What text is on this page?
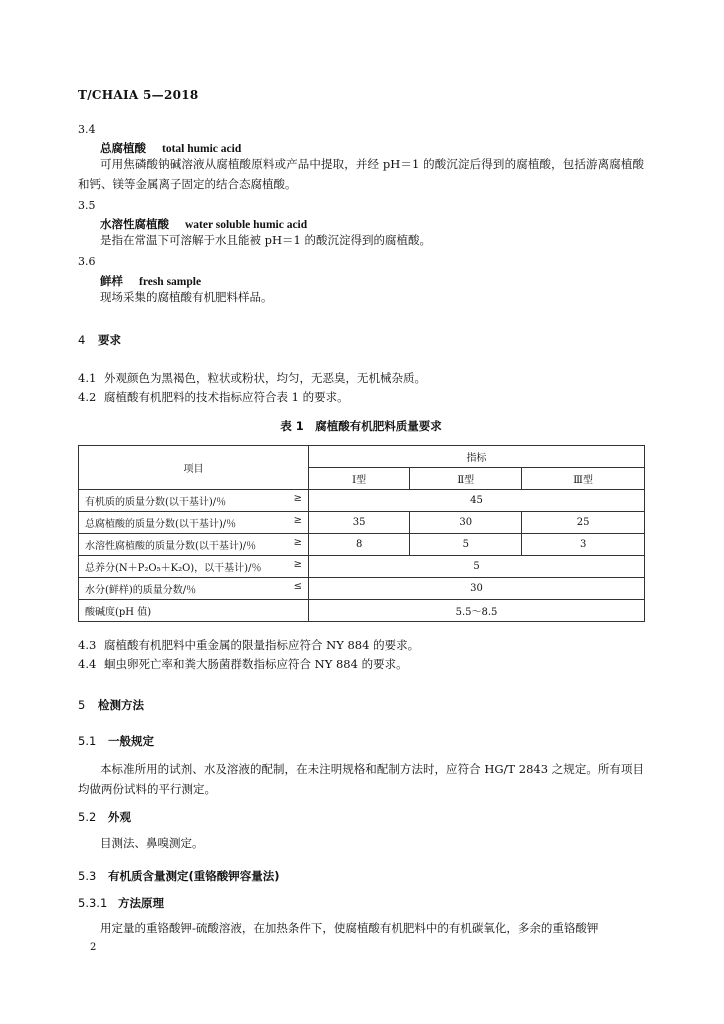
T/CHAIA 5—2018
3.4
总腐植酸 total humic acid
可用焦磷酸钠碱溶液从腐植酸原料或产品中提取，并经 pH＝1 的酸沉淀后得到的腐植酸，包括游离腐植酸和钙、镁等金属离子固定的结合态腐植酸。
3.5
水溶性腐植酸 water soluble humic acid
是指在常温下可溶解于水且能被 pH＝1 的酸沉淀得到的腐植酸。
3.6
鲜样 fresh sample
现场采集的腐植酸有机肥料样品。
4 要求
4.1 外观颜色为黑褐色，粒状或粉状，均匀，无恶臭，无机械杂质。
4.2 腐植酸有机肥料的技术指标应符合表 1 的要求。
表 1　腐植酸有机肥料质量要求
项目	指标		
	Ⅰ型	Ⅱ型	Ⅲ型
有机质的质量分数(以干基计)/％ ≥	45		
总腐植酸的质量分数(以干基计)/％ ≥	35	30	25
水溶性腐植酸的质量分数(以干基计)/％ ≥	8	5	3
总养分(N＋P₂O₅＋K₂O)，以干基计)/％ ≥	5		
水分(鲜样)的质量分数/％ ≤	30		
酸碱度(pH 值)	5.5～8.5		
4.3 腐植酸有机肥料中重金属的限量指标应符合 NY 884 的要求。
4.4 蛔虫卵死亡率和粪大肠菌群数指标应符合 NY 884 的要求。
5 检测方法
5.1 一般规定
本标准所用的试剂、水及溶液的配制，在未注明规格和配制方法时，应符合 HG/T 2843 之规定。所有项目均做两份试料的平行测定。
5.2 外观
目测法、鼻嗅测定。
5.3 有机质含量测定(重铬酸钾容量法)
5.3.1 方法原理
用定量的重铬酸钾-硫酸溶液，在加热条件下，使腐植酸有机肥料中的有机碳氧化，多余的重铬酸钾
2
